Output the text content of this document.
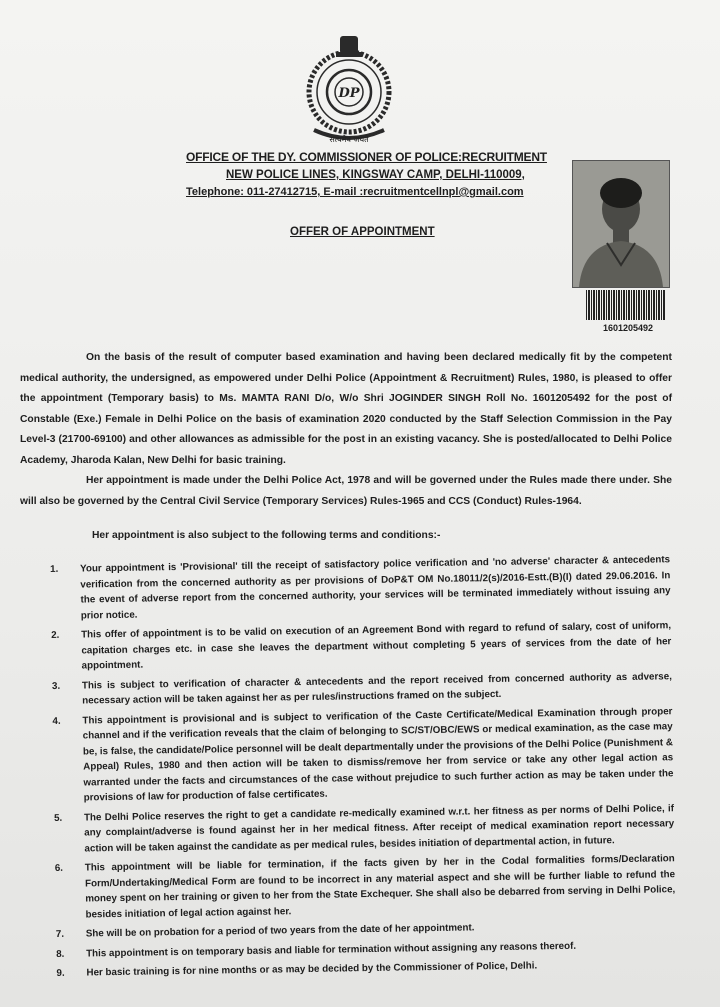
DP
सत्यमेव जयते
OFFICE OF THE DY. COMMISSIONER OF POLICE:RECRUITMENT
NEW POLICE LINES, KINGSWAY CAMP, DELHI-110009,
Telephone: 011-27412715, E-mail :recruitmentcellnpl@gmail.com
OFFER OF APPOINTMENT
1601205492

On the basis of the result of computer based examination and having been declared medically fit by the competent medical authority, the undersigned, as empowered under Delhi Police (Appointment & Recruitment) Rules, 1980, is pleased to offer the appointment (Temporary basis) to Ms. MAMTA RANI D/o, W/o Shri JOGINDER SINGH Roll No. 1601205492 for the post of Constable (Exe.) Female in Delhi Police on the basis of examination 2020 conducted by the Staff Selection Commission in the Pay Level-3 (21700-69100) and other allowances as admissible for the post in an existing vacancy. She is posted/allocated to Delhi Police Academy, Jharoda Kalan, New Delhi for basic training.

Her appointment is made under the Delhi Police Act, 1978 and will be governed under the Rules made there under. She will also be governed by the Central Civil Service (Temporary Services) Rules-1965 and CCS (Conduct) Rules-1964.

Her appointment is also subject to the following terms and conditions:-
1.	Your appointment is 'Provisional' till the receipt of satisfactory police verification and 'no adverse' character & antecedents verification from the concerned authority as per provisions of DoP&T OM No.18011/2(s)/2016-Estt.(B)(I) dated 29.06.2016. In the event of adverse report from the concerned authority, your services will be terminated immediately without issuing any prior notice.
2.	This offer of appointment is to be valid on execution of an Agreement Bond with regard to refund of salary, cost of uniform, capitation charges etc. in case she leaves the department without completing 5 years of services from the date of her appointment.
3.	This is subject to verification of character & antecedents and the report received from concerned authority as adverse, necessary action will be taken against her as per rules/instructions framed on the subject.
4.	This appointment is provisional and is subject to verification of the Caste Certificate/Medical Examination through proper channel and if the verification reveals that the claim of belonging to SC/ST/OBC/EWS or medical examination, as the case may be, is false, the candidate/Police personnel will be dealt departmentally under the provisions of the Delhi Police (Punishment & Appeal) Rules, 1980 and then action will be taken to dismiss/remove her from service or take any other legal action as warranted under the facts and circumstances of the case without prejudice to such further action as may be taken under the provisions of law for production of false certificates.
5.	The Delhi Police reserves the right to get a candidate re-medically examined w.r.t. her fitness as per norms of Delhi Police, if any complaint/adverse is found against her in her medical fitness. After receipt of medical examination report necessary action will be taken against the candidate as per medical rules, besides initiation of departmental action, in future.
6.	This appointment will be liable for termination, if the facts given by her in the Codal formalities forms/Declaration Form/Undertaking/Medical Form are found to be incorrect in any material aspect and she will be further liable to refund the money spent on her training or given to her from the State Exchequer. She shall also be debarred from serving in Delhi Police, besides initiation of legal action against her.
7.	She will be on probation for a period of two years from the date of her appointment.
8.	This appointment is on temporary basis and liable for termination without assigning any reasons thereof.
9.	Her basic training is for nine months or as may be decided by the Commissioner of Police, Delhi.
